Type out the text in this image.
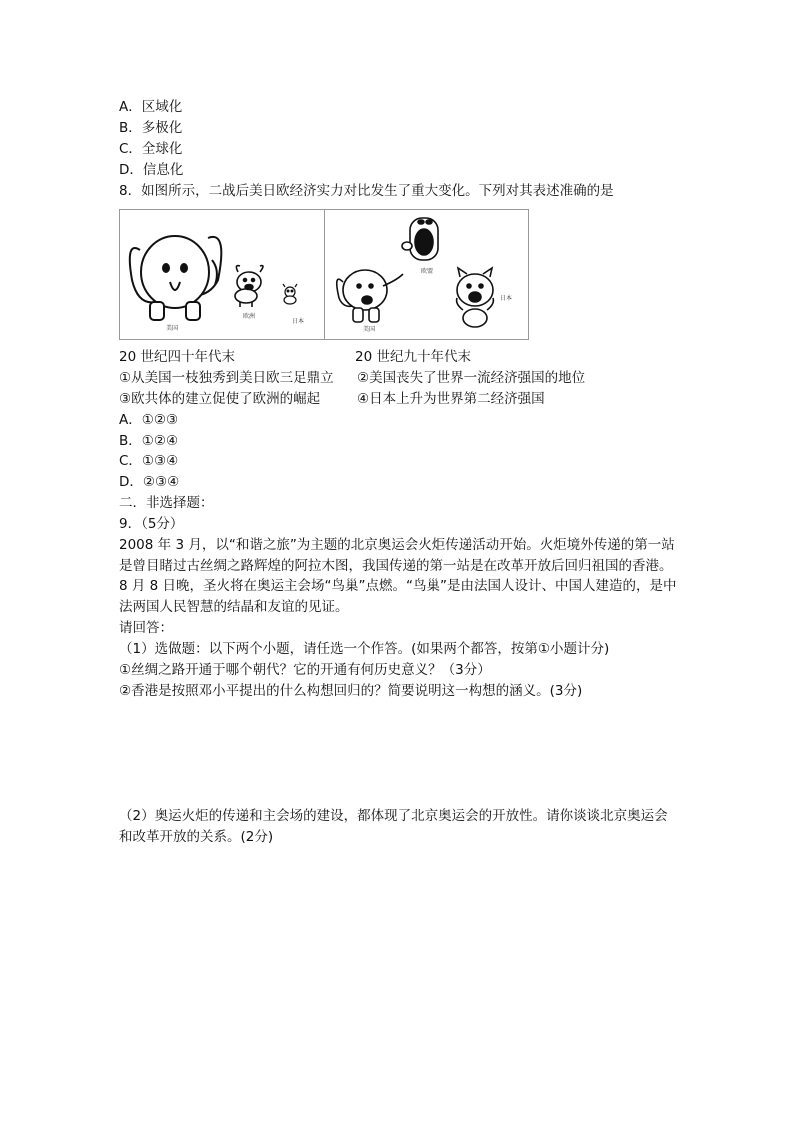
A．区域化
B．多极化
C．全球化
D．信息化
8．如图所示，二战后美日欧经济实力对比发生了重大变化。下列对其表述准确的是
美国
欧洲
日本
欧盟
日本
美国
20 世纪四十年代末	20 世纪九十年代末
①从美国一枝独秀到美日欧三足鼎立 ②美国丧失了世界一流经济强国的地位
③欧共体的建立促使了欧洲的崛起	④日本上升为世界第二经济强国
A．①②③
B．①②④
C．①③④
D．②③④
二．非选择题：
9．（5分）
2008 年 3 月，以“和谐之旅”为主题的北京奥运会火炬传递活动开始。火炬境外传递的第一站是曾目睹过古丝绸之路辉煌的阿拉木图，我国传递的第一站是在改革开放后回归祖国的香港。8 月 8 日晚，圣火将在奥运主会场“鸟巢”点燃。“鸟巢”是由法国人设计、中国人建造的，是中法两国人民智慧的结晶和友谊的见证。
请回答：
（1）选做题：以下两个小题，请任选一个作答。(如果两个都答，按第①小题计分)
①丝绸之路开通于哪个朝代？它的开通有何历史意义？（3分）
②香港是按照邓小平提出的什么构想回归的？简要说明这一构想的涵义。(3分)
（2）奥运火炬的传递和主会场的建设，都体现了北京奥运会的开放性。请你谈谈北京奥运会和改革开放的关系。(2分)
